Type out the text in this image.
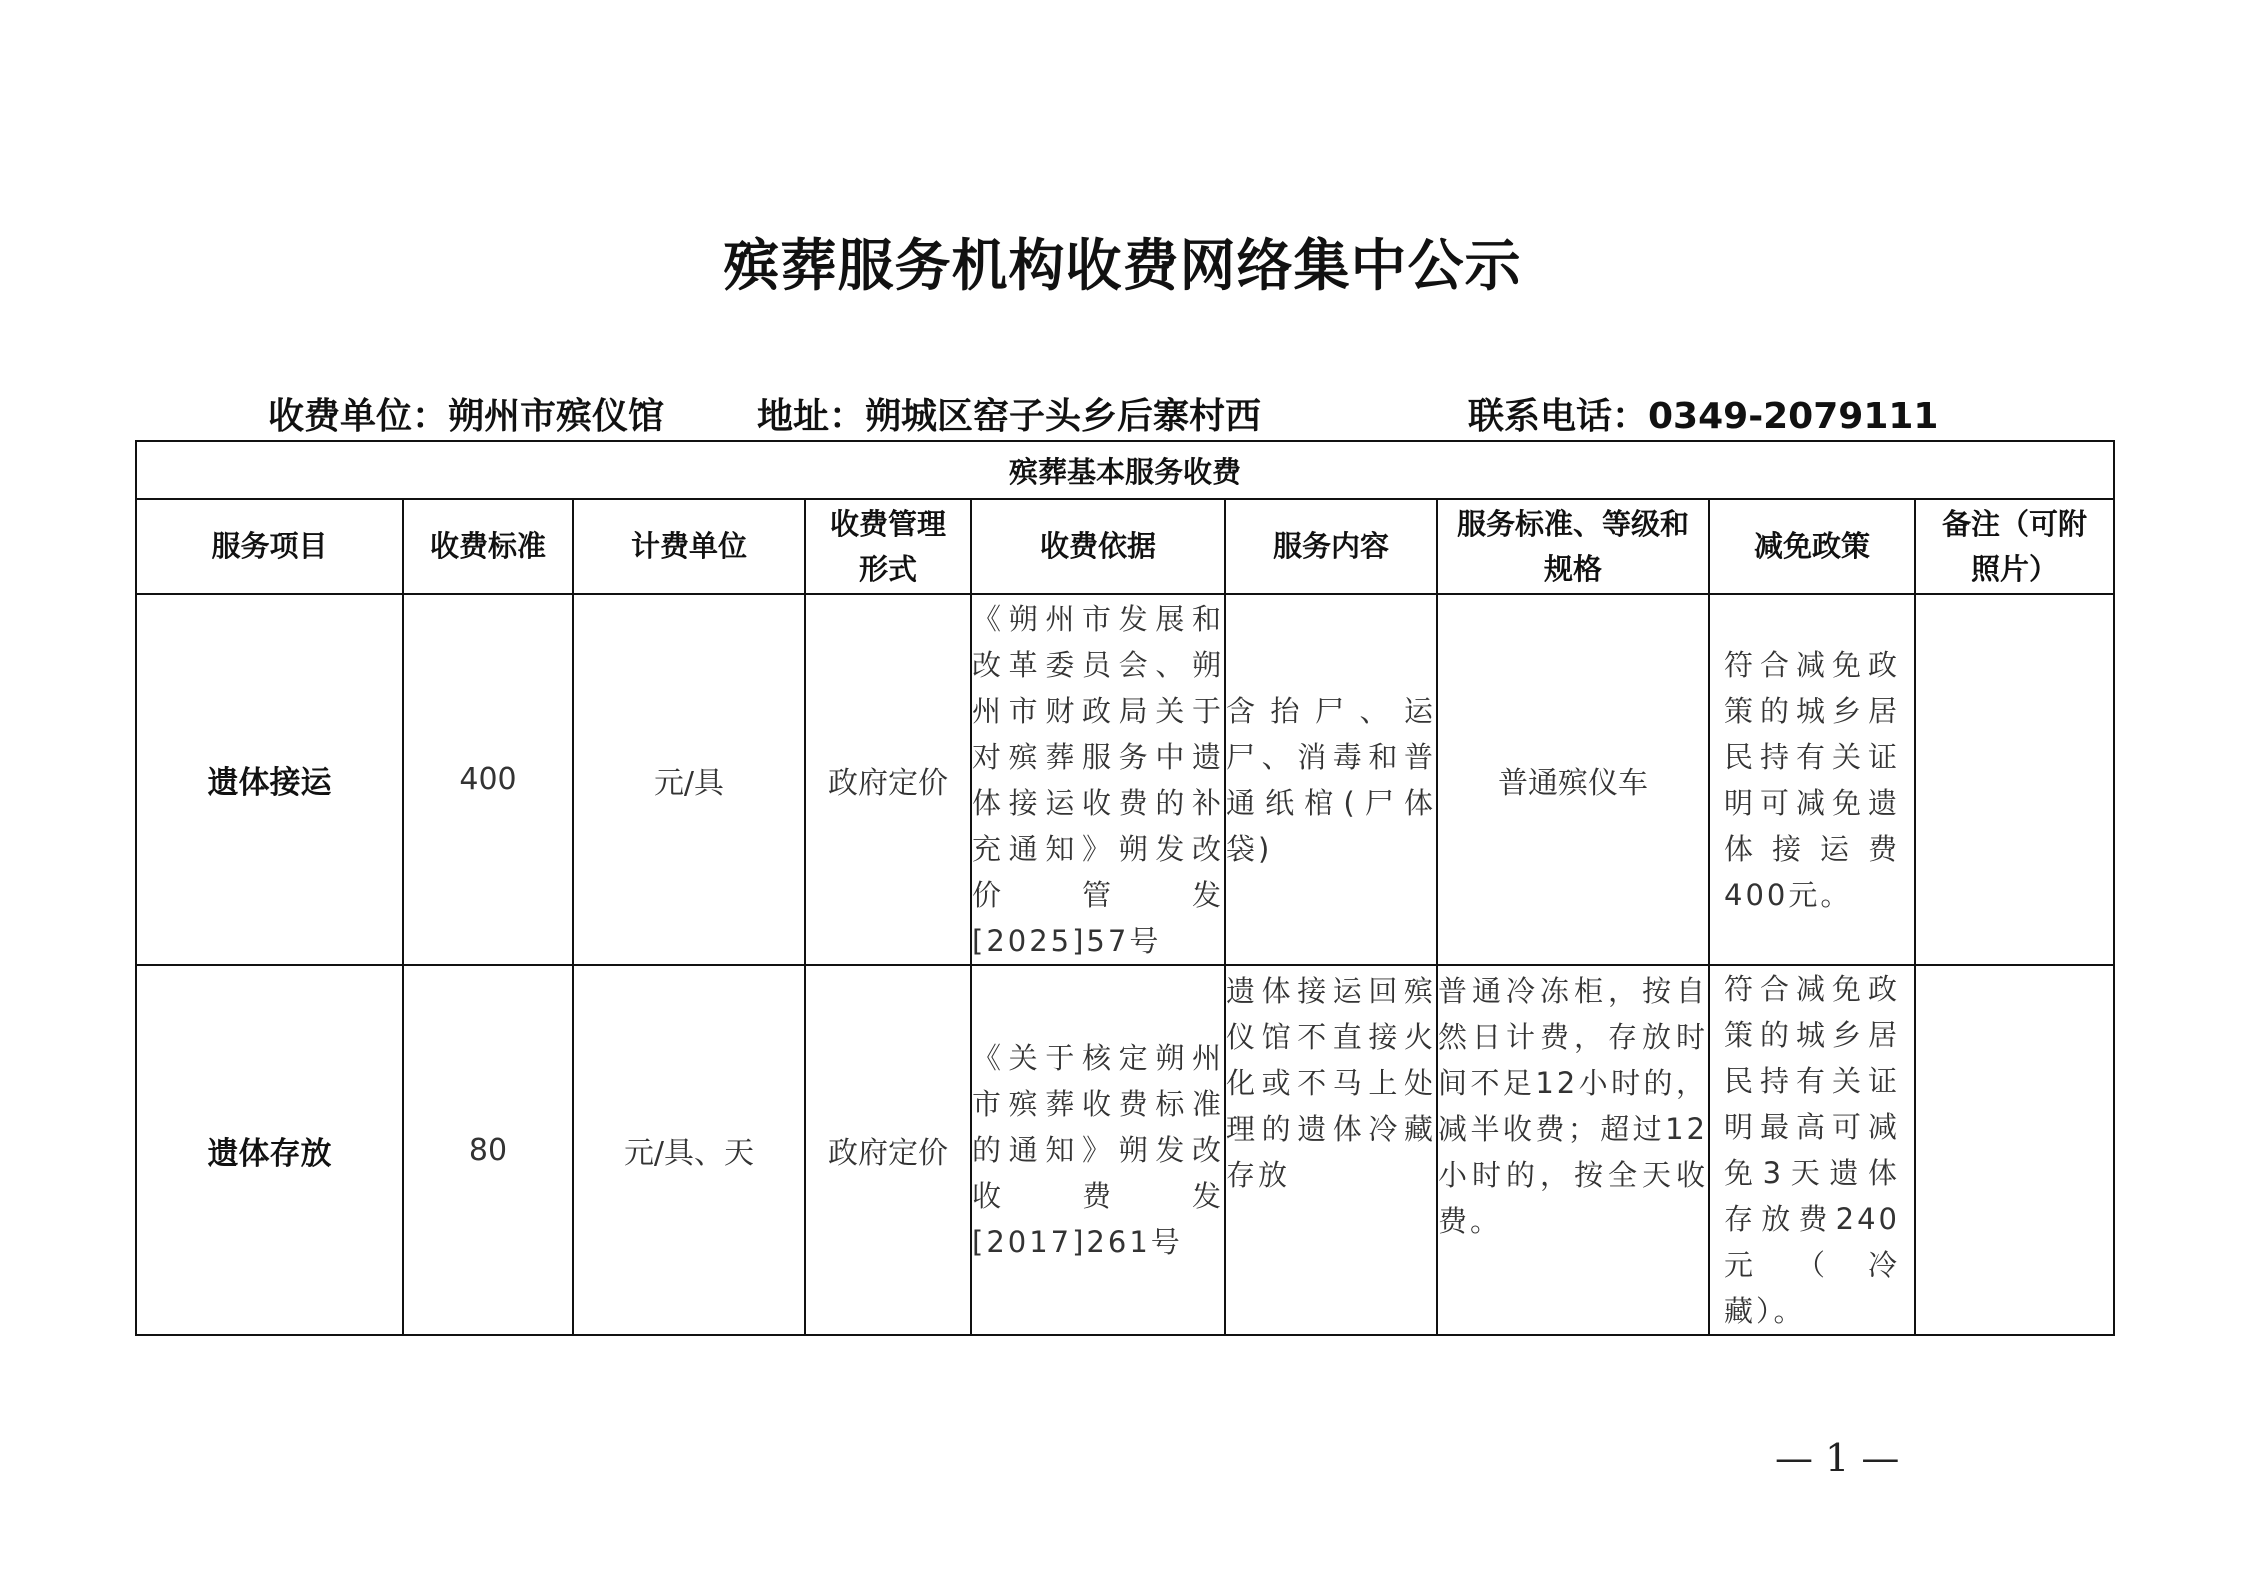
殡葬服务机构收费网络集中公示
收费单位：朔州市殡仪馆	地址：朔城区窑子头乡后寨村西	联系电话：0349-2079111
殡葬基本服务收费								
服务项目	收费标准	计费单位	收费管理形式	收费依据	服务内容	服务标准、等级和规格	减免政策	备注（可附照片）
遗体接运	400	元/具	政府定价	《朔州市发展和改革委员会、朔州市财政局关于对殡葬服务中遗体接运收费的补充通知》朔发改价管发[2025]57号	含抬尸、运尸、消毒和普通纸棺(尸体袋)	普通殡仪车	符合减免政策的城乡居民持有关证明可减免遗体接运费400元。	
遗体存放	80	元/具、天	政府定价	《关于核定朔州市殡葬收费标准的通知》朔发改收费发[2017]261号	遗体接运回殡仪馆不直接火化或不马上处理的遗体冷藏存放	普通冷冻柜，按自然日计费，存放时间不足12小时的，减半收费；超过12小时的，按全天收费。	符合减免政策的城乡居民持有关证明最高可减免3天遗体存放费240元（冷藏）。	
— 1 —
